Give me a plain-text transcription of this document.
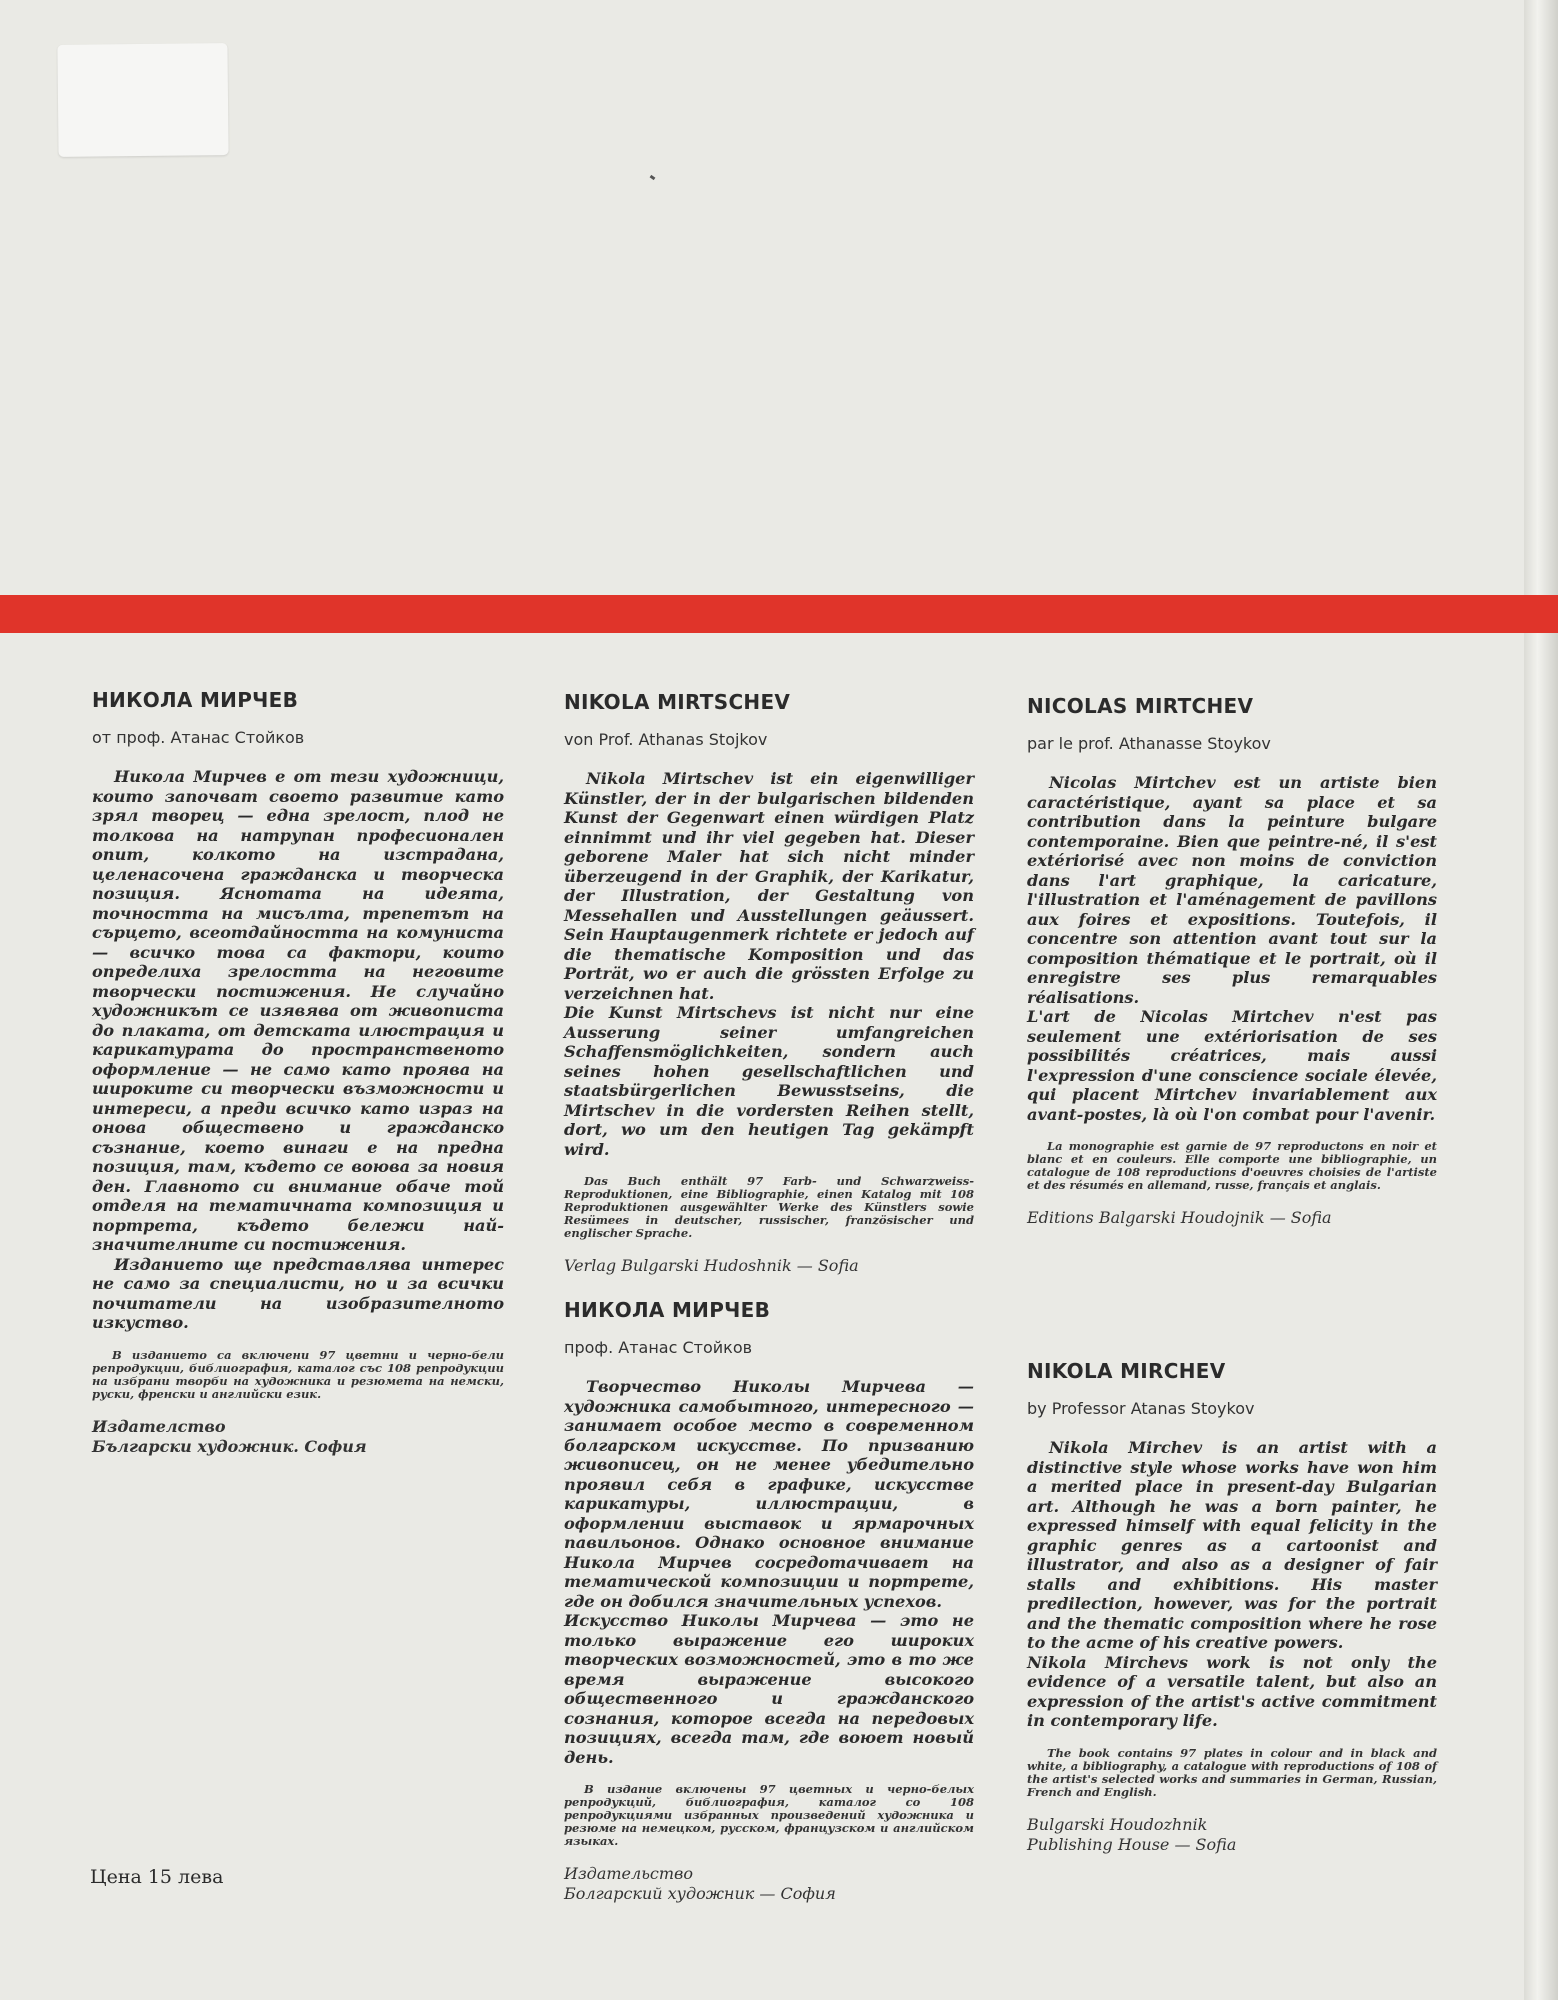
НИКОЛА МИРЧЕВ
от проф. Атанас Стойков

Никола Мирчев е от тези художници, които започват своето развитие като зрял творец — една зрелост, плод не толкова на натрупан професионален опит, колкото на изстрадана, целенасочена гражданска и творческа позиция. Яснотата на идеята, точността на мисълта, трепетът на сърцето, всеотдайността на комуниста — всичко това са фактори, които определиха зрелостта на неговите творчески постижения. Не случайно художникът се изявява от живописта до плаката, от детската илюстрация и карикатурата до пространственото оформление — не само като проява на широките си творчески възможности и интереси, а преди всичко като израз на онова обществено и гражданско съзнание, което винаги е на предна позиция, там, където се воюва за новия ден. Главното си внимание обаче той отделя на тематичната композиция и портрета, където бележи най-значителните си постижения.

Изданието ще представлява интерес не само за специалисти, но и за всички почитатели на изобразителното изкуство.

В изданието са включени 97 цветни и черно-бели репродукции, библиография, каталог със 108 репродукции на избрани творби на художника и резюмета на немски, руски, френски и английски език.
Издателство
Български художник. София
NIKOLA MIRTSCHEV
von Prof. Athanas Stojkov

Nikola Mirtschev ist ein eigenwilliger Künstler, der in der bulgarischen bildenden Kunst der Gegenwart einen würdigen Platz einnimmt und ihr viel gegeben hat. Dieser geborene Maler hat sich nicht minder überzeugend in der Graphik, der Karikatur, der Illustration, der Gestaltung von Messehallen und Ausstellungen geäussert. Sein Hauptaugenmerk richtete er jedoch auf die thematische Komposition und das Porträt, wo er auch die grössten Erfolge zu verzeichnen hat.

Die Kunst Mirtschevs ist nicht nur eine Ausserung seiner umfangreichen Schaffensmöglichkeiten, sondern auch seines hohen gesellschaftlichen und staatsbürgerlichen Bewusstseins, die Mirtschev in die vordersten Reihen stellt, dort, wo um den heutigen Tag gekämpft wird.

Das Buch enthält 97 Farb- und Schwarzweiss-Reproduktionen, eine Bibliographie, einen Katalog mit 108 Reproduktionen ausgewählter Werke des Künstlers sowie Resümees in deutscher, russischer, französischer und englischer Sprache.
Verlag Bulgarski Hudoshnik — Sofia
NICOLAS MIRTCHEV
par le prof. Athanasse Stoykov

Nicolas Mirtchev est un artiste bien caractéristique, ayant sa place et sa contribution dans la peinture bulgare contemporaine. Bien que peintre-né, il s'est extériorisé avec non moins de conviction dans l'art graphique, la caricature, l'illustration et l'aménagement de pavillons aux foires et expositions. Toutefois, il concentre son attention avant tout sur la composition thématique et le portrait, où il enregistre ses plus remarquables réalisations.

L'art de Nicolas Mirtchev n'est pas seulement une extériorisation de ses possibilités créatrices, mais aussi l'expression d'une conscience sociale élevée, qui placent Mirtchev invariablement aux avant-postes, là où l'on combat pour l'avenir.

La monographie est garnie de 97 reproductons en noir et blanc et en couleurs. Elle comporte une bibliographie, un catalogue de 108 reproductions d'oeuvres choisies de l'artiste et des résumés en allemand, russe, français et anglais.
Editions Balgarski Houdojnik — Sofia
НИКОЛА МИРЧЕВ
проф. Атанас Стойков

Творчество Николы Мирчева — художника самобытного, интересного — занимает особое место в современном болгарском искусстве. По призванию живописец, он не менее убедительно проявил себя в графике, искусстве карикатуры, иллюстрации, в оформлении выставок и ярмарочных павильонов. Однако основное внимание Никола Мирчев сосредотачивает на тематической композиции и портрете, где он добился значительных успехов.

Искусство Николы Мирчева — это не только выражение его широких творческих возможностей, это в то же время выражение высокого общественного и гражданского сознания, которое всегда на передовых позициях, всегда там, где воюет новый день.

В издание включены 97 цветных и черно-белых репродукций, библиография, каталог со 108 репродукциями избранных произведений художника и резюме на немецком, русском, французском и английском языках.
Издательство
Болгарский художник — София
NIKOLA MIRCHEV
by Professor Atanas Stoykov

Nikola Mirchev is an artist with a distinctive style whose works have won him a merited place in present-day Bulgarian art. Although he was a born painter, he expressed himself with equal felicity in the graphic genres as a cartoonist and illustrator, and also as a designer of fair stalls and exhibitions. His master predilection, however, was for the portrait and the thematic composition where he rose to the acme of his creative powers.

Nikola Mirchevs work is not only the evidence of a versatile talent, but also an expression of the artist's active commitment in contemporary life.

The book contains 97 plates in colour and in black and white, a bibliography, a catalogue with reproductions of 108 of the artist's selected works and summaries in German, Russian, French and English.
Bulgarski Houdozhnik
Publishing House — Sofia
Цена 15 лева
